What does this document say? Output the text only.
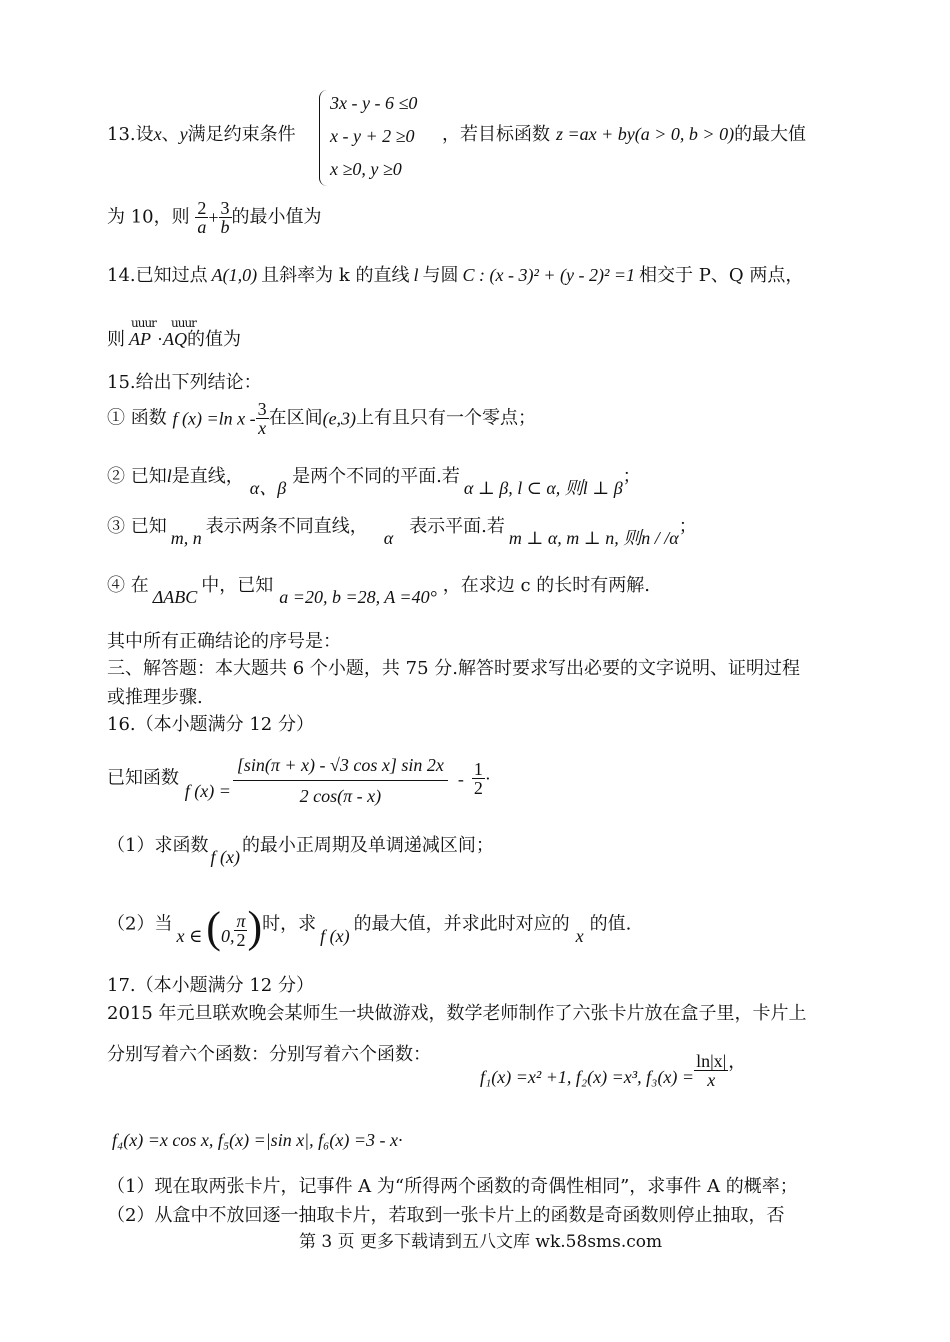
13.设x、y满足约束条件
3x - y - 6 ≤0
x - y + 2 ≥0
x ≥0, y ≥0
，若目标函数 z =ax + by(a > 0, b > 0)的最大值
为 10，则 $\frac{2}{a} + \frac{3}{b}$ 的最小值为
14.已知过点 A(1,0) 且斜率为 k 的直线 l 与圆 C : (x - 3)² + (y - 2)² =1 相交于 P、Q 两点，
uuur uuur
则 AP ·AQ的值为
15.给出下列结论：
① 函数 f (x) =ln x - $\frac{3}{x}$ 在区间(e,3)上有且只有一个零点；
② 已知l是直线，α、β是两个不同的平面.若α ⊥ β, l ⊂ α, 则l ⊥ β；
③ 已知m, n表示两条不同直线，α表示平面.若m ⊥ α, m ⊥ n, 则n / /α；
④ 在ΔABC中，已知a =20, b =28, A =40°，在求边 c 的长时有两解.
其中所有正确结论的序号是：
三、解答题：本大题共 6 个小题，共 75 分.解答时要求写出必要的文字说明、证明过程
或推理步骤.
16.（本小题满分 12 分）
已知函数 f $(x) = \frac{\text{[sin(π + x) - √3 cos x] sin 2x}}{2 \cos(\pi - x)} - \frac{1}{2}$ ·
（1）求函数f (x)的最小正周期及单调递减区间；
（2）当x ∈(0, $\frac{\pi}{2}$ )时，求f (x)的最大值，并求此时对应的x的值.
17.（本小题满分 12 分）
2015 年元旦联欢晚会某师生一块做游戏，数学老师制作了六张卡片放在盒子里，卡片上
分别写着六个函数：分别写着六个函数：
f₁(x) =x² +1, f₂(x) =x³, $f_3(x) = \frac{\ln|x|}{x}$ ，
f₄(x) =x cos x, f₅(x) =|sin x|, f₆(x) =3 - x·
（1）现在取两张卡片，记事件 A 为“所得两个函数的奇偶性相同”，求事件 A 的概率；
（2）从盒中不放回逐一抽取卡片，若取到一张卡片上的函数是奇函数则停止抽取，否
第 3 页 更多下载请到五八文库 wk.58sms.com
